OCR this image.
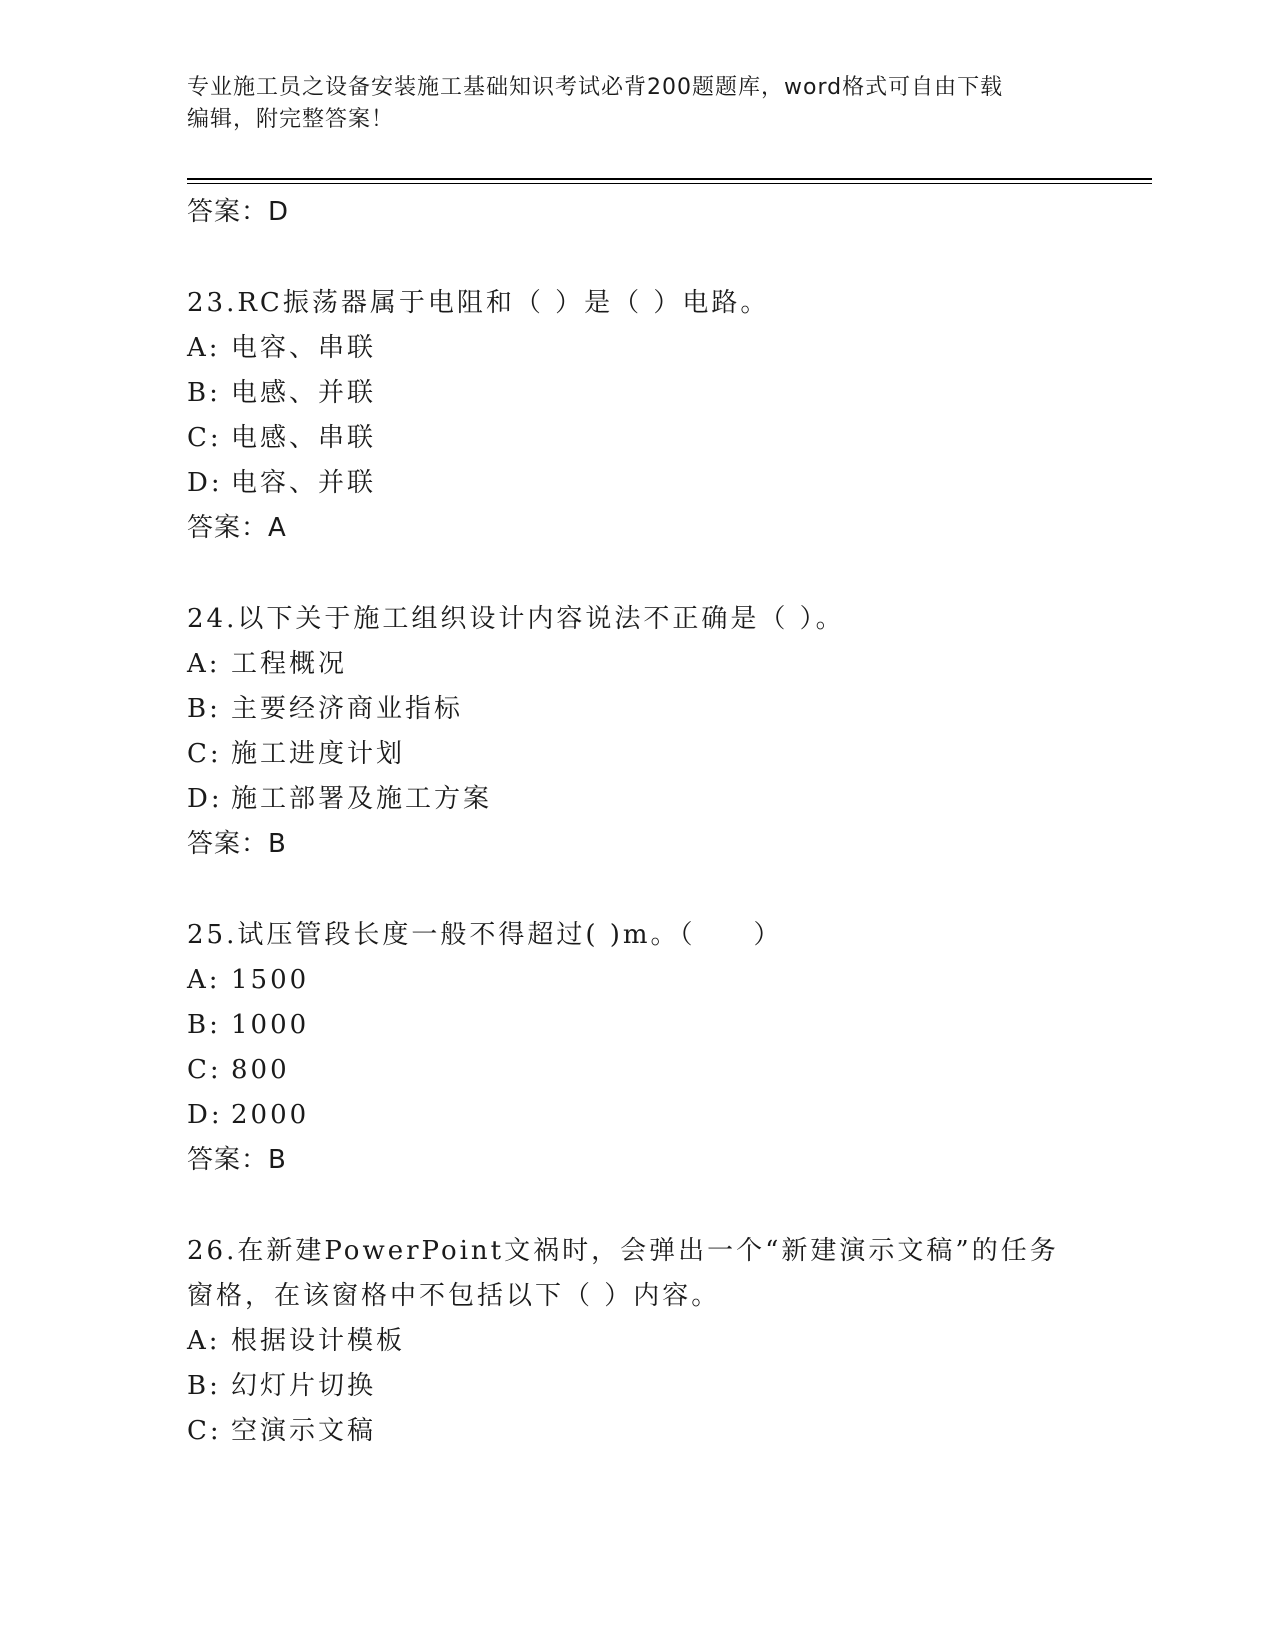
专业施工员之设备安装施工基础知识考试必背200题题库，word格式可自由下载
编辑，附完整答案！
答案：D
23.RC振荡器属于电阻和（ ）是（ ）电路。
A: 电容、串联
B: 电感、并联
C: 电感、串联
D: 电容、并联
答案：A
24.以下关于施工组织设计内容说法不正确是（ ）。
A: 工程概况
B: 主要经济商业指标
C: 施工进度计划
D: 施工部署及施工方案
答案：B
25.试压管段长度一般不得超过( )m。（　　）
A: 1500
B: 1000
C: 800
D: 2000
答案：B
26.在新建PowerPoint文祸时，会弹出一个“新建演示文稿”的任务
窗格，在该窗格中不包括以下（ ）内容。
A: 根据设计模板
B: 幻灯片切换
C: 空演示文稿
